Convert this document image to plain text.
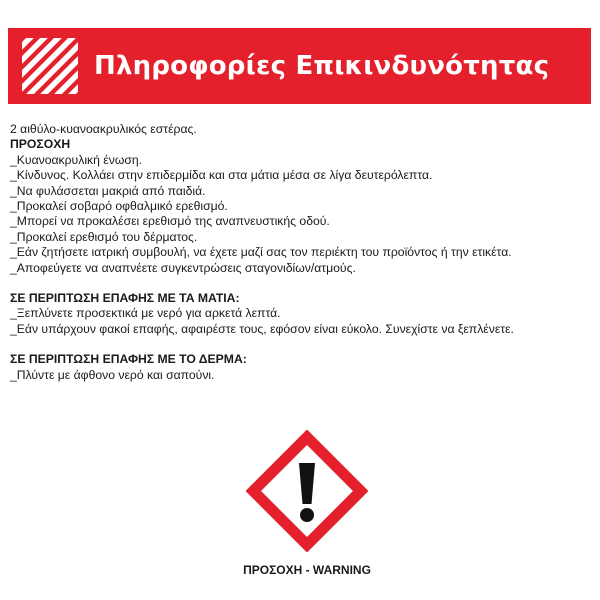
Πληροφορίες Επικινδυνότητας
2 αιθύλο-κυανοακρυλικός εστέρας.
ΠΡΟΣΟΧΗ
_Κυανοακρυλική ένωση.
_Κίνδυνος. Κολλάει στην επιδερμίδα και στα μάτια μέσα σε λίγα δευτερόλεπτα.
_Να φυλάσσεται μακριά από παιδιά.
_Προκαλεί σοβαρό οφθαλμικό ερεθισμό.
_Μπορεί να προκαλέσει ερεθισμό της αναπνευστικής οδού.
_Προκαλεί ερεθισμό του δέρματος.
_Εάν ζητήσετε ιατρική συμβουλή, να έχετε μαζί σας τον περιέκτη του προϊόντος ή την ετικέτα.
_Αποφεύγετε να αναπνέετε συγκεντρώσεις σταγονιδίων/ατμούς.
ΣΕ ΠΕΡΙΠΤΩΣΗ ΕΠΑΦΗΣ ΜΕ ΤΑ ΜΑΤΙΑ:
_Ξεπλύνετε προσεκτικά με νερό για αρκετά λεπτά.
_Εάν υπάρχουν φακοί επαφής, αφαιρέστε τους, εφόσον είναι εύκολο. Συνεχίστε να ξεπλένετε.
ΣΕ ΠΕΡΙΠΤΩΣΗ ΕΠΑΦΗΣ ΜΕ ΤΟ ΔΕΡΜΑ:
_Πλύντε με άφθονο νερό και σαπούνι.
ΠΡΟΣΟΧΗ - WARNING
